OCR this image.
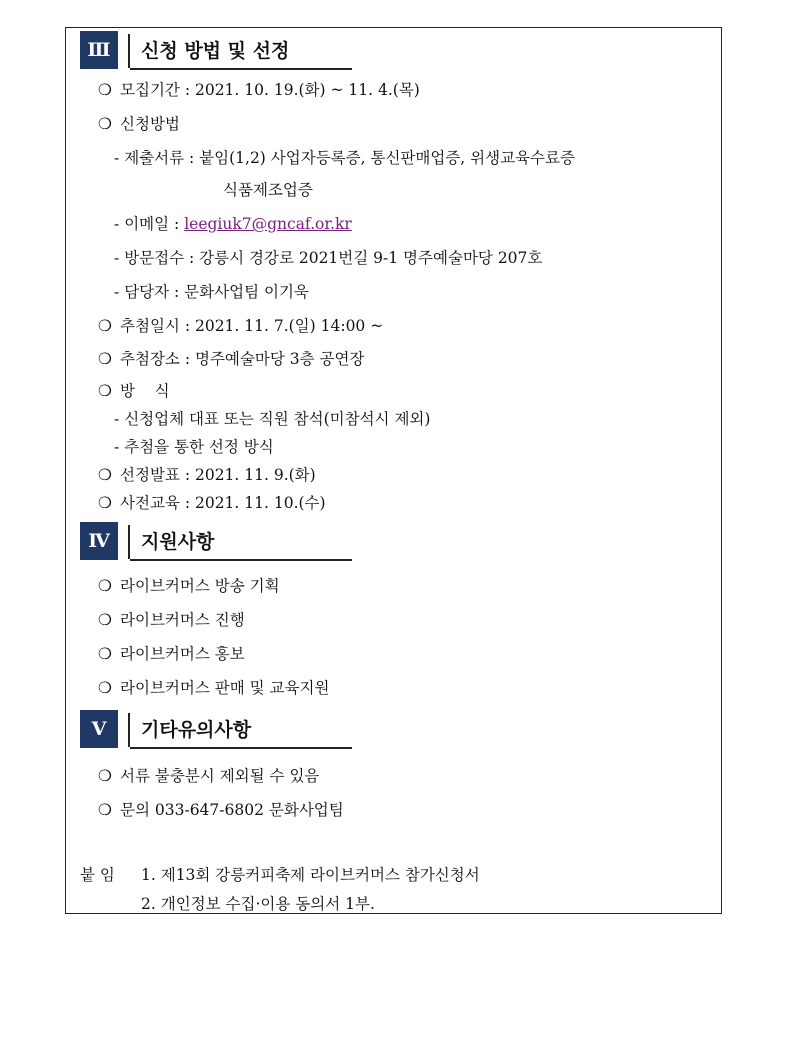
Ⅲ	신청 방법 및 선정
❍ 모집기간 : 2021. 10. 19.(화) ~ 11. 4.(목)
❍ 신청방법
- 제출서류 : 붙임(1,2) 사업자등록증, 통신판매업증, 위생교육수료증
식품제조업증
- 이메일 : leegiuk7@gncaf.or.kr
- 방문접수 : 강릉시 경강로 2021번길 9-1 명주예술마당 207호
- 담당자 : 문화사업팀 이기욱
❍ 추첨일시 : 2021. 11. 7.(일) 14:00 ~
❍ 추첨장소 : 명주예술마당 3층 공연장
❍ 방    식
- 신청업체 대표 또는 직원 참석(미참석시 제외)
- 추첨을 통한 선정 방식
❍ 선정발표 : 2021. 11. 9.(화)
❍ 사전교육 : 2021. 11. 10.(수)
Ⅳ	지원사항
❍ 라이브커머스 방송 기획
❍ 라이브커머스 진행
❍ 라이브커머스 홍보
❍ 라이브커머스 판매 및 교육지원
Ⅴ	기타유의사항
❍ 서류 불충분시 제외될 수 있음
❍ 문의 033-647-6802 문화사업팀
붙 임 1. 제13회 강릉커피축제 라이브커머스 참가신청서
2. 개인정보 수집·이용 동의서 1부.
